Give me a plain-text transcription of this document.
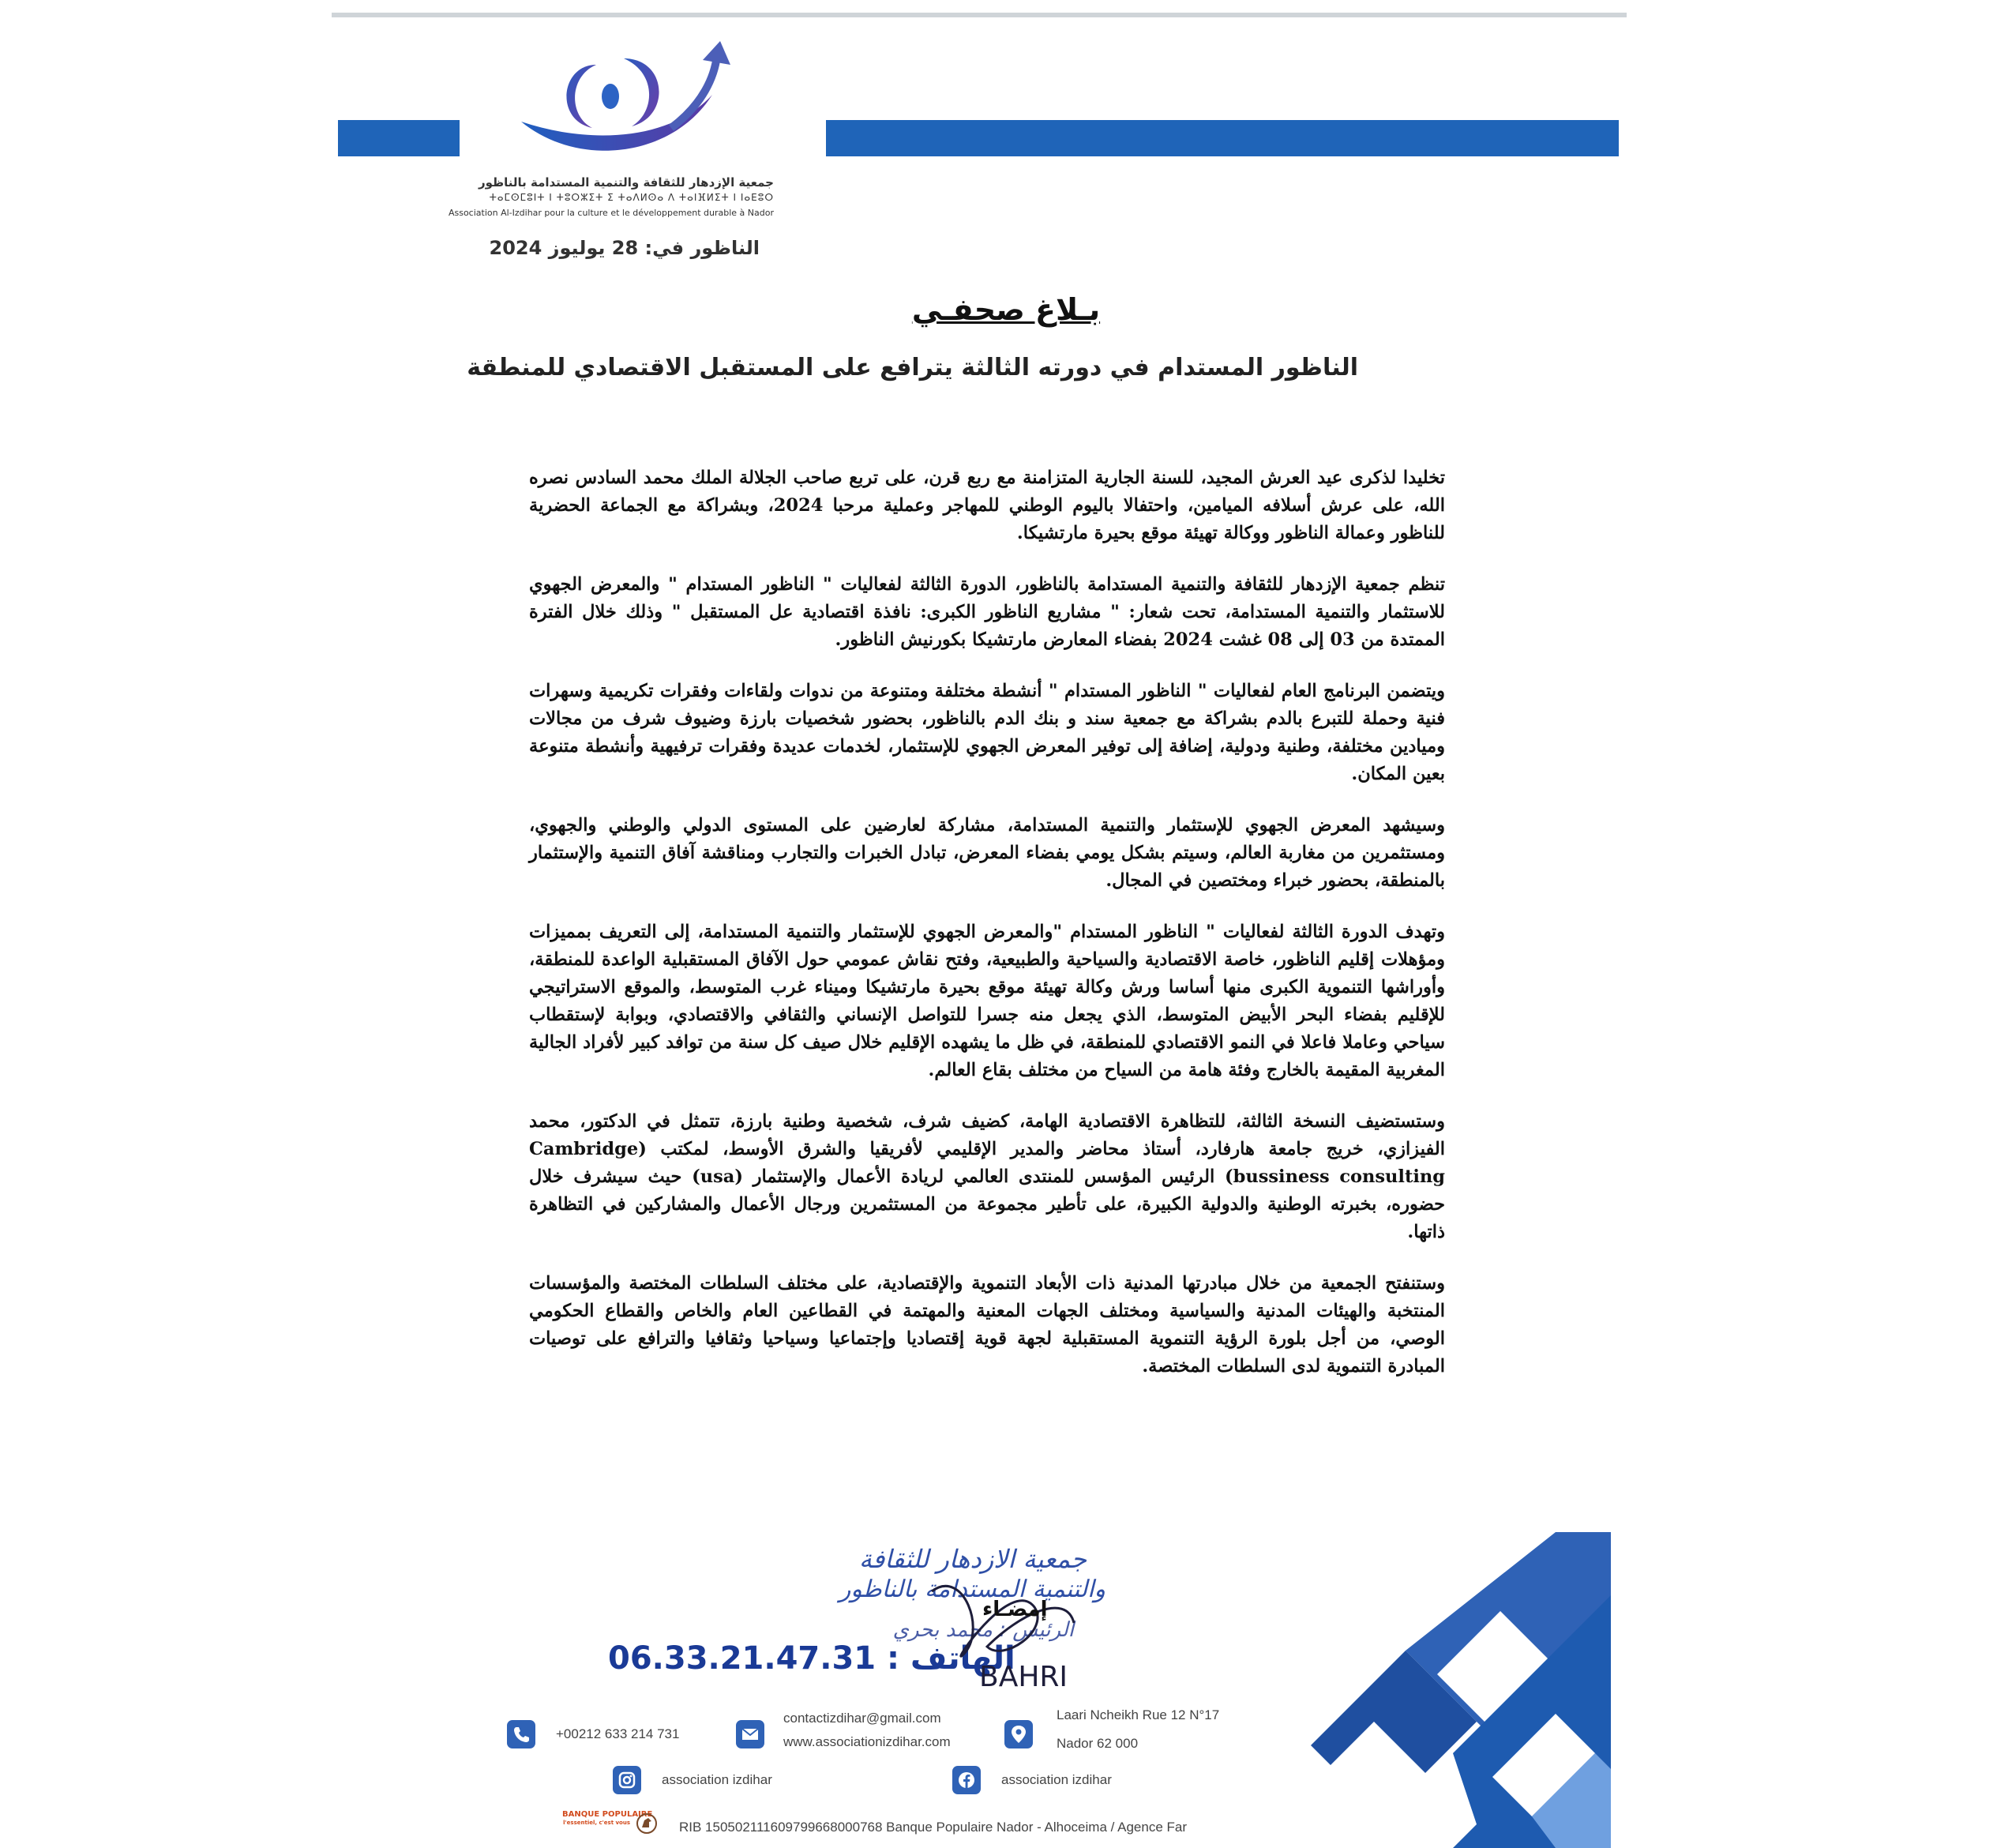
جمعية الإزدهار للثقافة والتنمية المستدامة بالناظور
ⵜⴰⵎⵙⵎⵓⵏⵜ ⵏ ⵜⵓⵔⵣⵉⵜ ⵉ ⵜⴰⴷⵍⵙⴰ ⴷ ⵜⴰⵏⴼⵍⵉⵜ ⵏ ⵏⴰⴹⵓⵔ
Association Al-Izdihar pour la culture et le développement durable à Nador
الناظور في: 28 يوليوز 2024
بـلاغ صحفـي
الناظور المستدام في دورته الثالثة يترافع على المستقبل الاقتصادي للمنطقة

تخليدا لذكرى عيد العرش المجيد، للسنة الجارية المتزامنة مع ربع قرن، على تربع صاحب الجلالة الملك محمد السادس نصره الله، على عرش أسلافه الميامين، واحتفالا باليوم الوطني للمهاجر وعملية مرحبا 2024، وبشراكة مع الجماعة الحضرية للناظور وعمالة الناظور ووكالة تهيئة موقع بحيرة مارتشيكا.

تنظم جمعية الإزدهار للثقافة والتنمية المستدامة بالناظور، الدورة الثالثة لفعاليات " الناظور المستدام " والمعرض الجهوي للاستثمار والتنمية المستدامة، تحت شعار: " مشاريع الناظور الكبرى: نافذة اقتصادية عل المستقبل " وذلك خلال الفترة الممتدة من 03 إلى 08 غشت 2024 بفضاء المعارض مارتشيكا بكورنيش الناظور.

ويتضمن البرنامج العام لفعاليات " الناظور المستدام " أنشطة مختلفة ومتنوعة من ندوات ولقاءات وفقرات تكريمية وسهرات فنية وحملة للتبرع بالدم بشراكة مع جمعية سند و بنك الدم بالناظور، بحضور شخصيات بارزة وضيوف شرف من مجالات وميادين مختلفة، وطنية ودولية، إضافة إلى توفير المعرض الجهوي للإستثمار، لخدمات عديدة وفقرات ترفيهية وأنشطة متنوعة بعين المكان.

وسيشهد المعرض الجهوي للإستثمار والتنمية المستدامة، مشاركة لعارضين على المستوى الدولي والوطني والجهوي، ومستثمرين من مغاربة العالم، وسيتم بشكل يومي بفضاء المعرض، تبادل الخبرات والتجارب ومناقشة آفاق التنمية والإستثمار بالمنطقة، بحضور خبراء ومختصين في المجال.

وتهدف الدورة الثالثة لفعاليات " الناظور المستدام "والمعرض الجهوي للإستثمار والتنمية المستدامة، إلى التعريف بمميزات ومؤهلات إقليم الناظور، خاصة الاقتصادية والسياحية والطبيعية، وفتح نقاش عمومي حول الآفاق المستقبلية الواعدة للمنطقة، وأوراشها التنموية الكبرى منها أساسا ورش وكالة تهيئة موقع بحيرة مارتشيكا وميناء غرب المتوسط، والموقع الاستراتيجي للإقليم بفضاء البحر الأبيض المتوسط، الذي يجعل منه جسرا للتواصل الإنساني والثقافي والاقتصادي، وبوابة لإستقطاب سياحي وعاملا فاعلا في النمو الاقتصادي للمنطقة، في ظل ما يشهده الإقليم خلال صيف كل سنة من توافد كبير لأفراد الجالية المغربية المقيمة بالخارج وفئة هامة من السياح من مختلف بقاع العالم.

وستستضيف النسخة الثالثة، للتظاهرة الاقتصادية الهامة، كضيف شرف، شخصية وطنية بارزة، تتمثل في الدكتور، محمد الفيزازي، خريج جامعة هارفارد، أستاذ محاضر والمدير الإقليمي لأفريقيا والشرق الأوسط، لمكتب (Cambridge bussiness consulting) الرئيس المؤسس للمنتدى العالمي لريادة الأعمال والإستثمار (usa) حيث سيشرف خلال حضوره، بخبرته الوطنية والدولية الكبيرة، على تأطير مجموعة من المستثمرين ورجال الأعمال والمشاركين في التظاهرة ذاتها.

وستنفتح الجمعية من خلال مبادرتها المدنية ذات الأبعاد التنموية والإقتصادية، على مختلف السلطات المختصة والمؤسسات المنتخبة والهيئات المدنية والسياسية ومختلف الجهات المعنية والمهتمة في القطاعين العام والخاص والقطاع الحكومي الوصي، من أجل بلورة الرؤية التنموية المستقبلية لجهة قوية إقتصاديا وإجتماعيا وسياحيا وثقافيا والترافع على توصيات المبادرة التنموية لدى السلطات المختصة.

جمعية الازدهار للثقافة
والتنمية المستدامة بالناظور
الرئيس : محمد بحري
06.33.21.47.31 : الهاتف
BAHRI
إمضـاء
+00212 633 214 731
contactizdihar@gmail.com
www.associationizdihar.com
Laari Ncheikh Rue 12 N°17
Nador 62 000
association izdihar	association izdihar
BANQUE POPULAIRE
l'essentiel, c'est vous	RIB 150502111609799668000768 Banque Populaire Nador - Alhoceima / Agence Far
